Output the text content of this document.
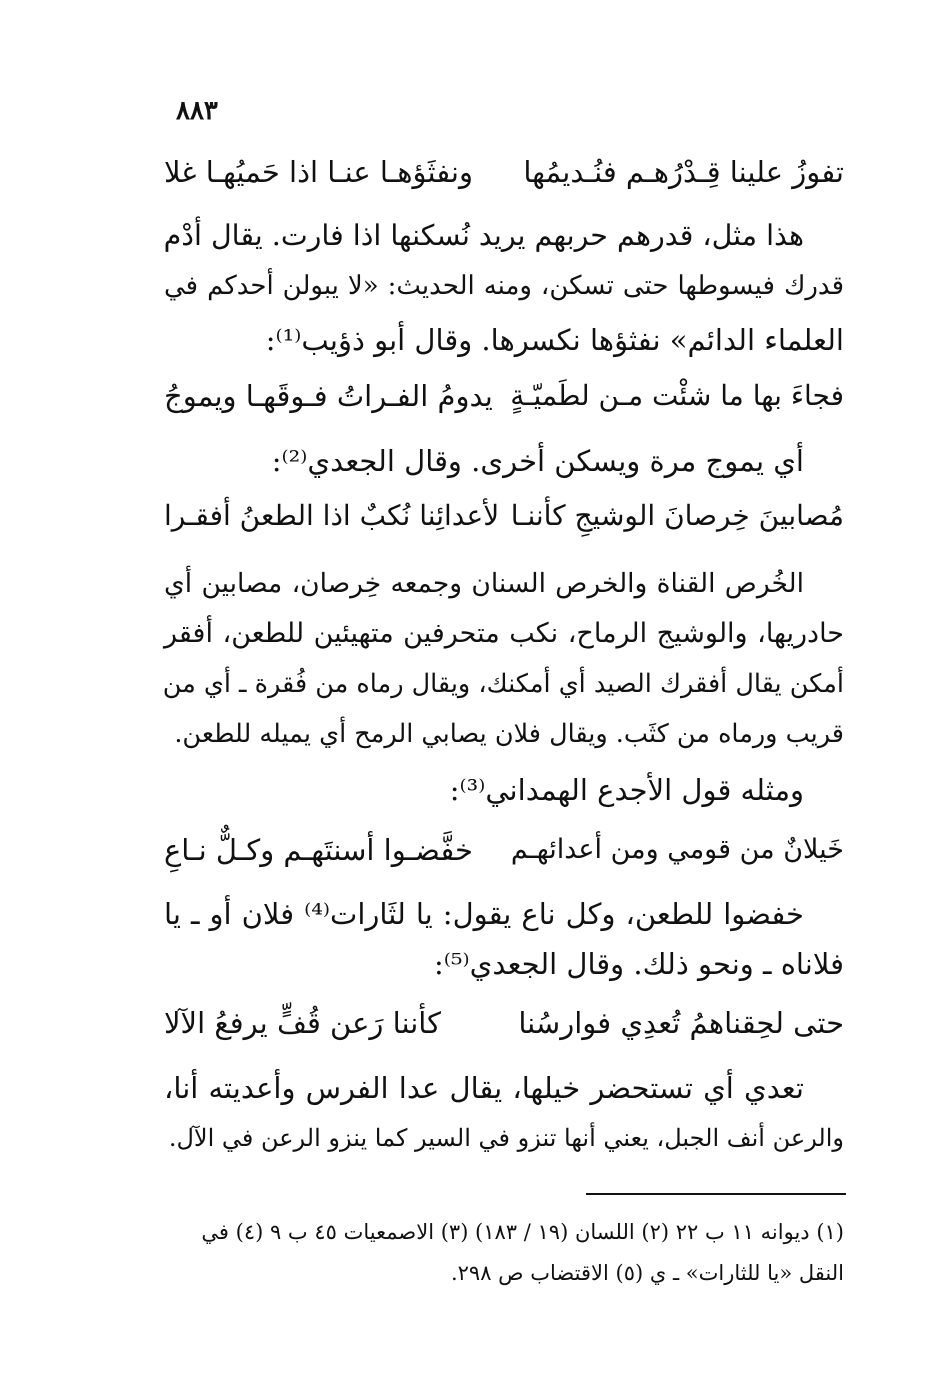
٨٨٣
تفوزُ علينا قِـدْرُهـم فنُـديمُها
ونفثَؤهـا عنـا اذا حَميُهـا غلا
هذا مثل، قدرهم حربهم يريد نُسكنها اذا فارت. يقال أدْم
قدرك فيسوطها حتى تسكن، ومنه الحديث: «لا يبولن أحدكم في
العلماء الدائم» نفثؤها نكسرها. وقال أبو ذؤيب⁽¹⁾:
فجاءَ بها ما شئْت مـن لطَميّـةٍ
يدومُ الفـراتُ فـوقَهـا ويموجُ
أي يموج مرة ويسكن أخرى. وقال الجعدي⁽²⁾:
مُصابينَ خِرصانَ الوشيجِ كأننـا
لأعدائِنا نُكبٌ اذا الطعنُ أفقـرا
الخُرص القناة والخرص السنان وجمعه خِرصان، مصابين أي
حادريها، والوشيج الرماح، نكب متحرفين متهيئين للطعن، أفقر
أمكن يقال أفقرك الصيد أي أمكنك، ويقال رماه من فُقرة ـ أي من
قريب ورماه من كثَب. ويقال فلان يصابي الرمح أي يميله للطعن.
ومثله قول الأجدع الهمداني⁽³⁾:
خَيلانٌ من قومي ومن أعدائهـم
خفَّضـوا أسنتَهـم وكـلٌّ نـاعِ
خفضوا للطعن، وكل ناع يقول: يا لثَارات⁽⁴⁾ فلان أو ـ يا
فلاناه ـ ونحو ذلك. وقال الجعدي⁽⁵⁾:
حتى لحِقناهمُ تُعدِي فوارسُنا
كأننا رَعن قُفٍّ يرفعُ الآلا
تعدي أي تستحضر خيلها، يقال عدا الفرس وأعديته أنا،
والرعن أنف الجبل، يعني أنها تنزو في السير كما ينزو الرعن في الآل.
(١) ديوانه ١١ ب ٢٢ (٢) اللسان (١٩ / ١٨٣) (٣) الاصمعيات ٤٥ ب ٩ (٤) في
النقل «يا للثارات» ـ ي (٥) الاقتضاب ص ٢٩٨.
